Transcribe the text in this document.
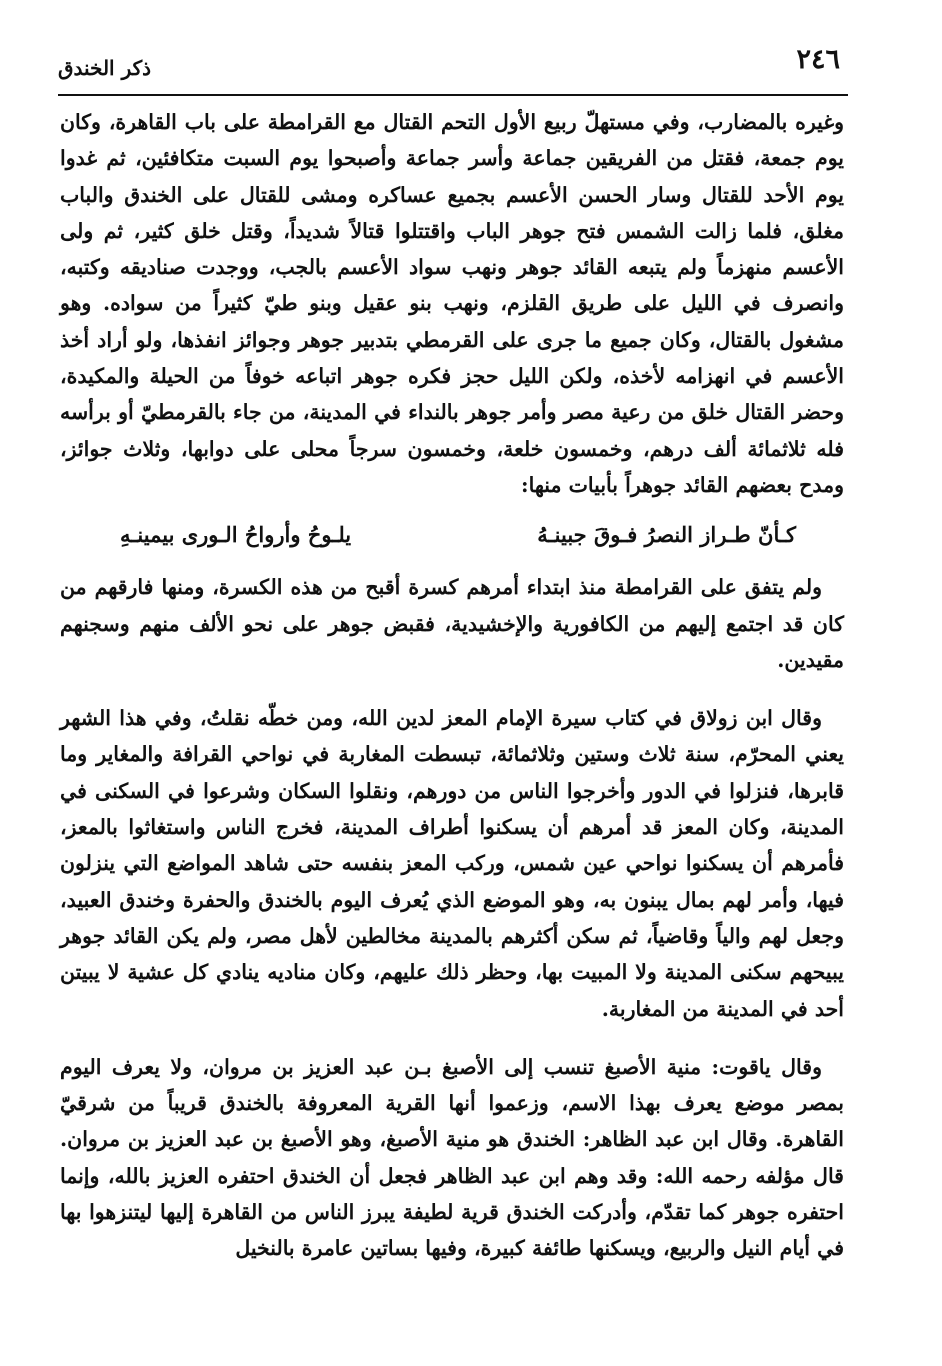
٢٤٦
ذكر الخندق

وغيره بالمضارب، وفي مستهلّ ربيع الأول التحم القتال مع القرامطة على باب القاهرة، وكان يوم جمعة، فقتل من الفريقين جماعة وأسر جماعة وأصبحوا يوم السبت متكافئين، ثم غدوا يوم الأحد للقتال وسار الحسن الأعسم بجميع عساكره ومشى للقتال على الخندق والباب مغلق، فلما زالت الشمس فتح جوهر الباب واقتتلوا قتالاً شديداً، وقتل خلق كثير، ثم ولى الأعسم منهزماً ولم يتبعه القائد جوهر ونهب سواد الأعسم بالجب، ووجدت صناديقه وكتبه، وانصرف في الليل على طريق القلزم، ونهب بنو عقيل وبنو طيّ كثيراً من سواده. وهو مشغول بالقتال، وكان جميع ما جرى على القرمطي بتدبير جوهر وجوائز انفذها، ولو أراد أخذ الأعسم في انهزامه لأخذه، ولكن الليل حجز فكره جوهر اتباعه خوفاً من الحيلة والمكيدة، وحضر القتال خلق من رعية مصر وأمر جوهر بالنداء في المدينة، من جاء بالقرمطيّ أو برأسه فله ثلاثمائة ألف درهم، وخمسون خلعة، وخمسون سرجاً محلى على دوابها، وثلاث جوائز، ومدح بعضهم القائد جوهراً بأبيات منها:

كـأنّ طـراز النصرُ فـوقَ جبينـهُ
يلـوحُ وأرواحُ الـورى بيمينـهِ

ولم يتفق على القرامطة منذ ابتداء أمرهم كسرة أقبح من هذه الكسرة، ومنها فارقهم من كان قد اجتمع إليهم من الكافورية والإخشيدية، فقبض جوهر على نحو الألف منهم وسجنهم مقيدين.

وقال ابن زولاق في كتاب سيرة الإمام المعز لدين الله، ومن خطّه نقلتُ، وفي هذا الشهر يعني المحرّم، سنة ثلاث وستين وثلاثمائة، تبسطت المغاربة في نواحي القرافة والمغاير وما قابرها، فنزلوا في الدور وأخرجوا الناس من دورهم، ونقلوا السكان وشرعوا في السكنى في المدينة، وكان المعز قد أمرهم أن يسكنوا أطراف المدينة، فخرج الناس واستغاثوا بالمعز، فأمرهم أن يسكنوا نواحي عين شمس، وركب المعز بنفسه حتى شاهد المواضع التي ينزلون فيها، وأمر لهم بمال يبنون به، وهو الموضع الذي يُعرف اليوم بالخندق والحفرة وخندق العبيد، وجعل لهم والياً وقاضياً، ثم سكن أكثرهم بالمدينة مخالطين لأهل مصر، ولم يكن القائد جوهر يبيحهم سكنى المدينة ولا المبيت بها، وحظر ذلك عليهم، وكان مناديه ينادي كل عشية لا يبيتن أحد في المدينة من المغاربة.

وقال ياقوت: منية الأصبغ تنسب إلى الأصبغ بـن عبد العزيز بن مروان، ولا يعرف اليوم بمصر موضع يعرف بهذا الاسم، وزعموا أنها القرية المعروفة بالخندق قريباً من شرقيّ القاهرة. وقال ابن عبد الظاهر: الخندق هو منية الأصبغ، وهو الأصبغ بن عبد العزيز بن مروان. قال مؤلفه رحمه الله: وقد وهم ابن عبد الظاهر فجعل أن الخندق احتفره العزيز بالله، وإنما احتفره جوهر كما تقدّم، وأدركت الخندق قرية لطيفة يبرز الناس من القاهرة إليها ليتنزهوا بها في أيام النيل والربيع، ويسكنها طائفة كبيرة، وفيها بساتين عامرة بالنخيل
